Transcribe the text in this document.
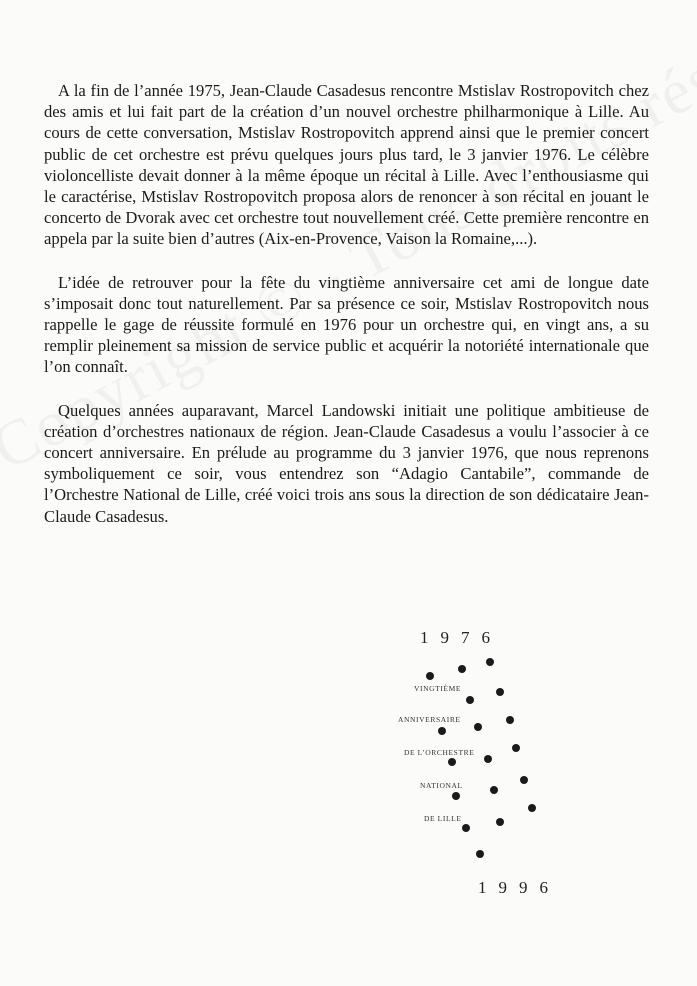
A la fin de l’année 1975, Jean-Claude Casadesus rencontre Mstislav Rostropovitch chez des amis et lui fait part de la création d’un nouvel orchestre philharmonique à Lille. Au cours de cette conversation, Mstislav Rostropovitch apprend ainsi que le premier concert public de cet orchestre est prévu quelques jours plus tard, le 3 janvier 1976. Le célèbre violoncelliste devait donner à la même époque un récital à Lille. Avec l’enthousiasme qui le caractérise, Mstislav Rostropovitch proposa alors de renoncer à son récital en jouant le concerto de Dvorak avec cet orchestre tout nouvellement créé. Cette première rencontre en appela par la suite bien d’autres (Aix-en-Provence, Vaison la Romaine,...).

L’idée de retrouver pour la fête du vingtième anniversaire cet ami de longue date s’imposait donc tout naturellement. Par sa présence ce soir, Mstislav Rostropovitch nous rappelle le gage de réussite formulé en 1976 pour un orchestre qui, en vingt ans, a su remplir pleinement sa mission de service public et acquérir la notoriété internationale que l’on connaît.

Quelques années auparavant, Marcel Landowski initiait une politique ambitieuse de création d’orchestres nationaux de région. Jean-Claude Casadesus a voulu l’associer à ce concert anniversaire. En prélude au programme du 3 janvier 1976, que nous reprenons symboliquement ce soir, vous entendrez son “Adagio Cantabile”, commande de l’Orchestre National de Lille, créé voici trois ans sous la direction de son dédicataire Jean-Claude Casadesus.

1976
VINGTIÈME
ANNIVERSAIRE
DE L’ORCHESTRE
NATIONAL
DE LILLE
1996
